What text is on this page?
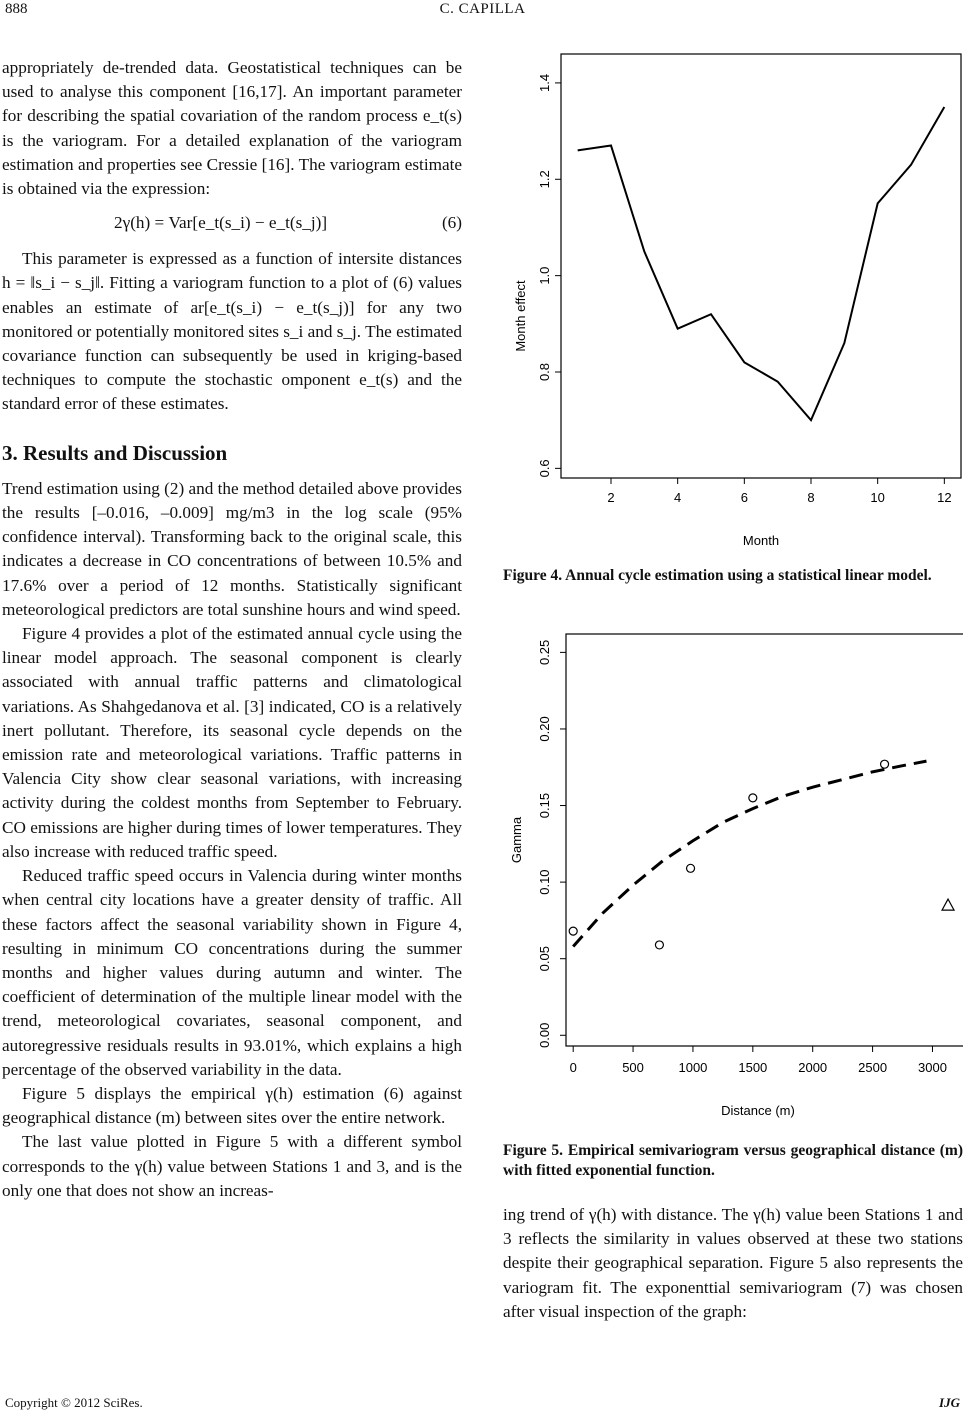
888	C. CAPILLA

appropriately de-trended data. Geostatistical techniques can be used to analyse this component [16,17]. An important parameter for describing the spatial covariation of the random process e_t(s) is the variogram. For a detailed explanation of the variogram estimation and properties see Cressie [16]. The variogram estimate is obtained via the expression:

2γ(h) = Var[e_t(s_i) − e_t(s_j)]	(6)

This parameter is expressed as a function of intersite distances h = ‖s_i − s_j‖. Fitting a variogram function to a plot of (6) values enables an estimate of ar[e_t(s_i) − e_t(s_j)] for any two monitored or potentially monitored sites s_i and s_j. The estimated covariance function can subsequently be used in kriging-based techniques to compute the stochastic omponent e_t(s) and the standard error of these estimates.

3. Results and Discussion

Trend estimation using (2) and the method detailed above provides the results [–0.016, –0.009] mg/m3 in the log scale (95% confidence interval). Transforming back to the original scale, this indicates a decrease in CO concentrations of between 10.5% and 17.6% over a period of 12 months. Statistically significant meteorological predictors are total sunshine hours and wind speed.

Figure 4 provides a plot of the estimated annual cycle using the linear model approach. The seasonal component is clearly associated with annual traffic patterns and climatological variations. As Shahgedanova et al. [3] indicated, CO is a relatively inert pollutant. Therefore, its seasonal cycle depends on the emission rate and meteorological variations. Traffic patterns in Valencia City show clear seasonal variations, with increasing activity during the coldest months from September to February. CO emissions are higher during times of lower temperatures. They also increase with reduced traffic speed.

Reduced traffic speed occurs in Valencia during winter months when central city locations have a greater density of traffic. All these factors affect the seasonal variability shown in Figure 4, resulting in minimum CO concentrations during the summer months and higher values during autumn and winter. The coefficient of determination of the multiple linear model with the trend, meteorological covariates, seasonal component, and autoregressive residuals results in 93.01%, which explains a high percentage of the observed variability in the data.

Figure 5 displays the empirical γ(h) estimation (6) against geographical distance (m) between sites over the entire network.

The last value plotted in Figure 5 with a different symbol corresponds to the γ(h) value between Stations 1 and 3, and is the only one that does not show an increas-

0.6
0.8
1.0
1.2
1.4
2	4	6	8	10	12
Month effect
Month
Figure 4. Annual cycle estimation using a statistical linear model.
0.00
0.05
0.10
0.15
0.20
0.25
0	500	1000 1500 2000 2500 3000
Gamma
Distance (m)
Figure 5. Empirical semivariogram versus geographical distance (m) with fitted exponential function.

ing trend of γ(h) with distance. The γ(h) value been Stations 1 and 3 reflects the similarity in values observed at these two stations despite their geographical separation. Figure 5 also represents the variogram fit. The exponenttial semivariogram (7) was chosen after visual inspection of the graph:

Copyright © 2012 SciRes.	IJG
